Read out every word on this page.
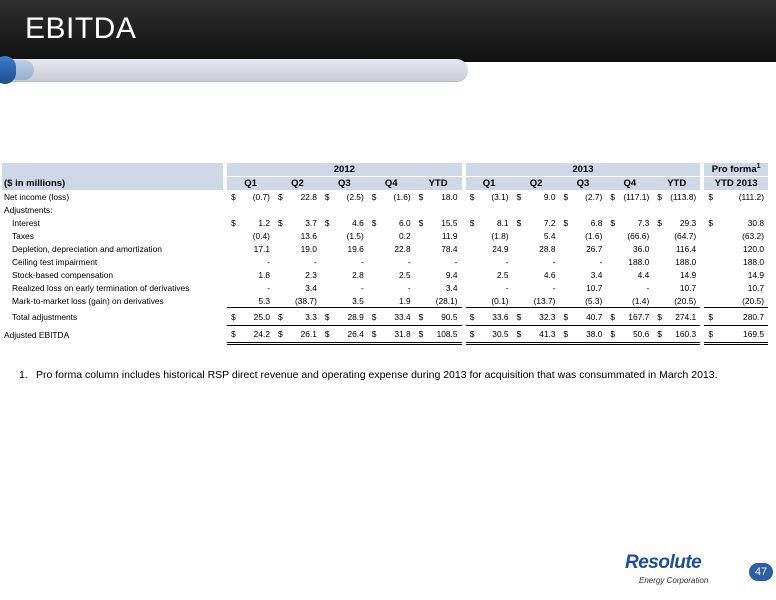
EBITDA
		2012											2013											Pro forma$^1$
($ in millions)		Q1		Q2		Q3		Q4		YTD			Q1		Q2		Q3		Q4		YTD			YTD 2013	
Net income (loss)		$	(0.7)	$	22.8	$	(2.5)	$	(1.6)	$	18.0		$	(3.1)	$	9.0	$	(2.7)	$	(117.1)	$	(113.8)		$	(111.2)
Adjustments:																									
Interest		$	1.2	$	3.7	$	4.6	$	6.0	$	15.5		$	8.1	$	7.2	$	6.8	$	7.3	$	29.3		$	30.8
Taxes			(0.4)		13.6		(1.5)		0.2		11.9			(1.8)		5.4		(1.6)		(66.6)		(64.7)			(63.2)
Depletion, depreciation and amortization			17.1		19.0		19.6		22.8		78.4			24.9		28.8		26.7		36.0		116.4			120.0
Ceiling test impairment			-		-		-		-		-			-		-		-		188.0		188.0			188.0
Stock-based compensation			1.8		2.3		2.8		2.5		9.4			2.5		4.6		3.4		4.4		14.9			14.9
Realized loss on early termination of derivatives			-		3.4		-		-		3.4			-		-		10.7		-		10.7			10.7
Mark-to-market loss (gain) on derivatives			5.3		(38.7)		3.5		1.9		(28.1)			(0.1)		(13.7)		(5.3)		(1.4)		(20.5)			(20.5)
Total adjustments		$	25.0	$	3.3	$	28.9	$	33.4	$	90.5		$	33.6	$	32.3	$	40.7	$	167.7	$	274.1		$	280.7
Adjusted EBITDA		$	24.2	$	26.1	$	26.4	$	31.8	$	108.5		$	30.5	$	41.3	$	38.0	$	50.6	$	160.3		$	169.5
1. Pro forma column includes historical RSP direct revenue and operating expense during 2013 for acquisition that was consummated in March 2013.
Resolute
Energy Corporation
47
